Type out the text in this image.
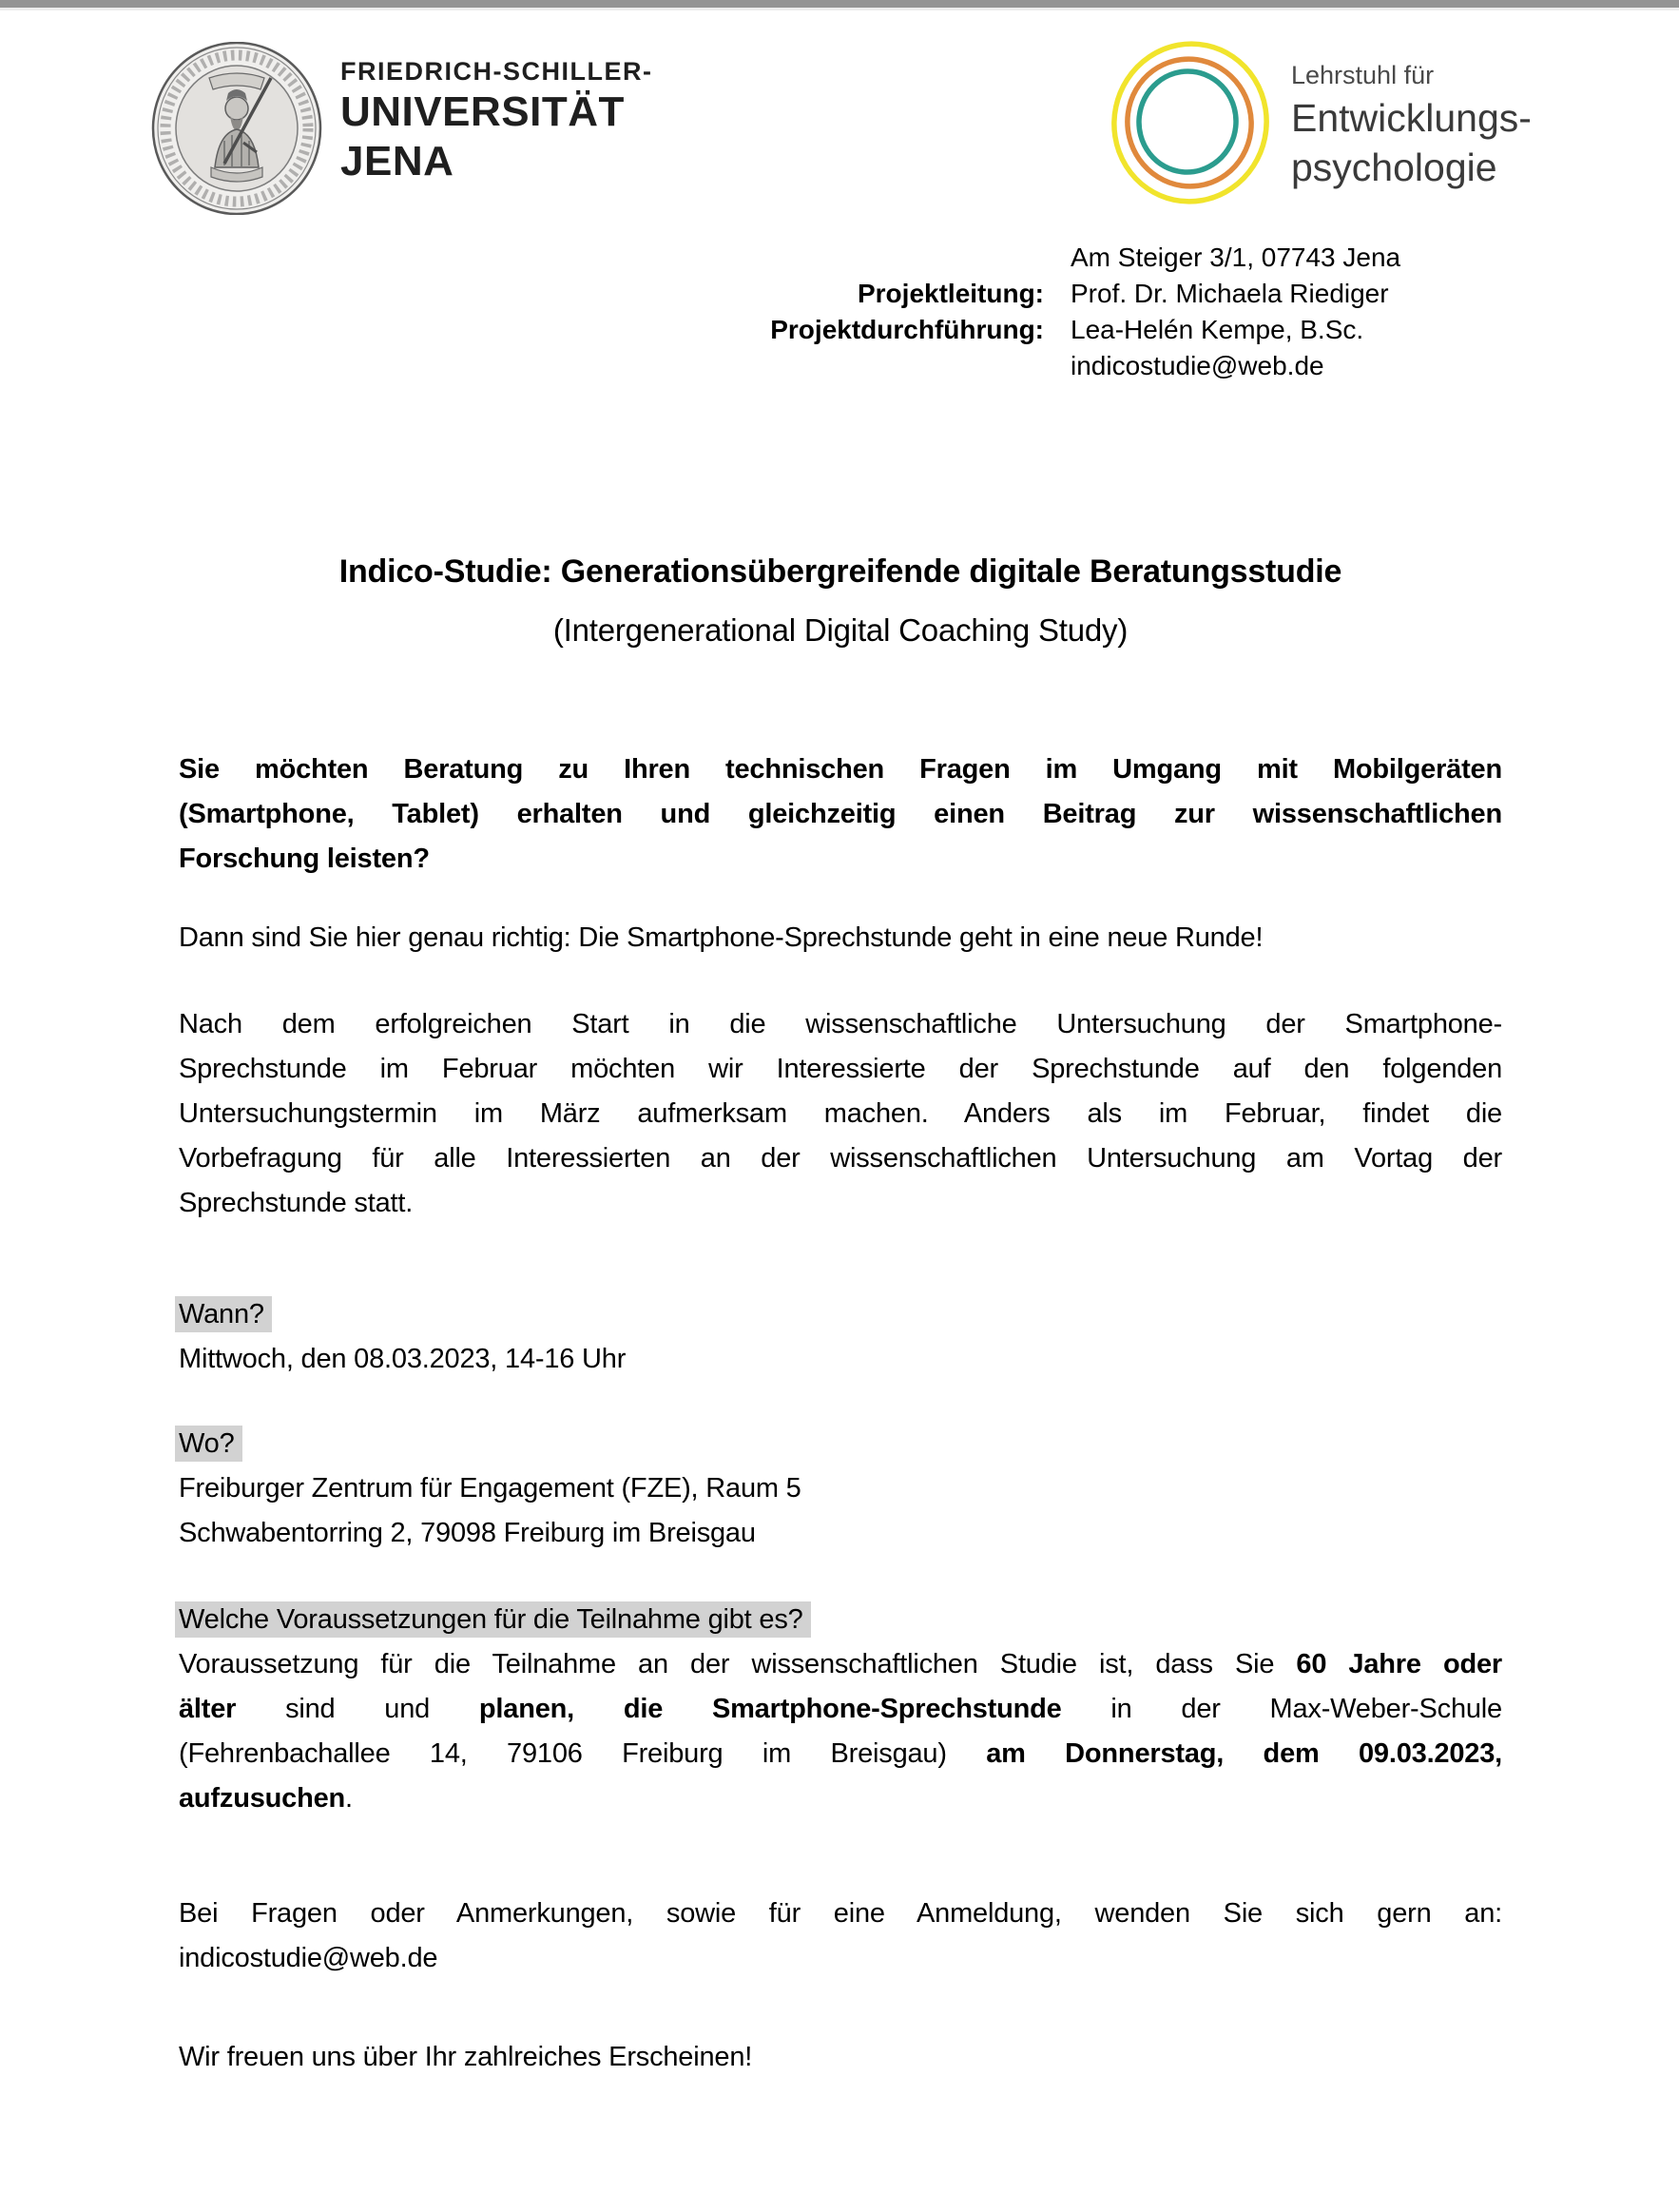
FRIEDRICH-SCHILLER-
UNIVERSITÄT
JENA
Lehrstuhl für
Entwicklungs-
psychologie
Am Steiger 3/1, 07743 Jena
Projektleitung: Prof. Dr. Michaela Riediger
Projektdurchführung: Lea-Helén Kempe, B.Sc.
indicostudie@web.de
Indico-Studie: Generationsübergreifende digitale Beratungsstudie
(Intergenerational Digital Coaching Study)
Sie möchten Beratung zu Ihren technischen Fragen im Umgang mit Mobilgeräten
(Smartphone, Tablet) erhalten und gleichzeitig einen Beitrag zur wissenschaftlichen
Forschung leisten?
Dann sind Sie hier genau richtig: Die Smartphone-Sprechstunde geht in eine neue Runde!
Nach dem erfolgreichen Start in die wissenschaftliche Untersuchung der Smartphone-
Sprechstunde im Februar möchten wir Interessierte der Sprechstunde auf den folgenden
Untersuchungstermin im März aufmerksam machen. Anders als im Februar, findet die
Vorbefragung für alle Interessierten an der wissenschaftlichen Untersuchung am Vortag der
Sprechstunde statt.
Wann?
Mittwoch, den 08.03.2023, 14-16 Uhr
Wo?
Freiburger Zentrum für Engagement (FZE), Raum 5
Schwabentorring 2, 79098 Freiburg im Breisgau
Welche Voraussetzungen für die Teilnahme gibt es?
Voraussetzung für die Teilnahme an der wissenschaftlichen Studie ist, dass Sie 60 Jahre oder
älter sind und planen, die Smartphone-Sprechstunde in der Max-Weber-Schule
(Fehrenbachallee 14, 79106 Freiburg im Breisgau) am Donnerstag, dem 09.03.2023,
aufzusuchen.
Bei Fragen oder Anmerkungen, sowie für eine Anmeldung, wenden Sie sich gern an:
indicostudie@web.de
Wir freuen uns über Ihr zahlreiches Erscheinen!
